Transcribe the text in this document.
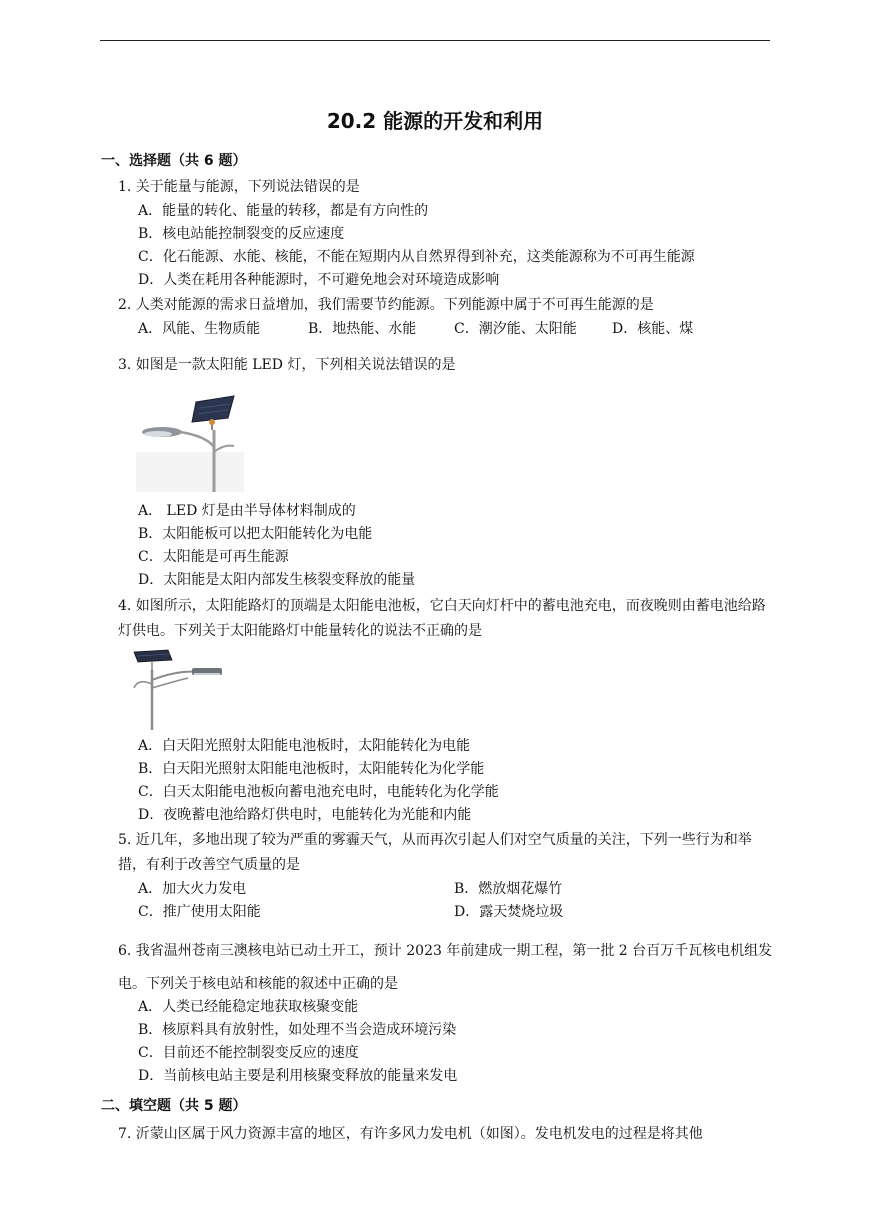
20.2 能源的开发和利用
一、选择题（共 6 题）
1. 关于能量与能源，下列说法错误的是
A．能量的转化、能量的转移，都是有方向性的
B．核电站能控制裂变的反应速度
C．化石能源、水能、核能，不能在短期内从自然界得到补充，这类能源称为不可再生能源
D．人类在耗用各种能源时，不可避免地会对环境造成影响
2. 人类对能源的需求日益增加，我们需要节约能源。下列能源中属于不可再生能源的是
A．风能、生物质能	B．地热能、水能	C．潮汐能、太阳能	D．核能、煤
3. 如图是一款太阳能 LED 灯，下列相关说法错误的是
A． LED 灯是由半导体材料制成的
B．太阳能板可以把太阳能转化为电能
C．太阳能是可再生能源
D．太阳能是太阳内部发生核裂变释放的能量
4. 如图所示，太阳能路灯的顶端是太阳能电池板，它白天向灯杆中的蓄电池充电，而夜晚则由蓄电池给路灯供电。下列关于太阳能路灯中能量转化的说法不正确的是
A．白天阳光照射太阳能电池板时，太阳能转化为电能
B．白天阳光照射太阳能电池板时，太阳能转化为化学能
C．白天太阳能电池板向蓄电池充电时，电能转化为化学能
D．夜晚蓄电池给路灯供电时，电能转化为光能和内能
5. 近几年，多地出现了较为严重的雾霾天气，从而再次引起人们对空气质量的关注，下列一些行为和举措，有利于改善空气质量的是
A．加大火力发电	B．燃放烟花爆竹
C．推广使用太阳能	D．露天焚烧垃圾
6. 我省温州苍南三澳核电站已动土开工，预计 2023 年前建成一期工程，第一批 2 台百万千瓦核电机组发电。下列关于核电站和核能的叙述中正确的是
A．人类已经能稳定地获取核聚变能
B．核原料具有放射性，如处理不当会造成环境污染
C．目前还不能控制裂变反应的速度
D．当前核电站主要是利用核聚变释放的能量来发电
二、填空题（共 5 题）
7. 沂蒙山区属于风力资源丰富的地区，有许多风力发电机（如图）。发电机发电的过程是将其他
